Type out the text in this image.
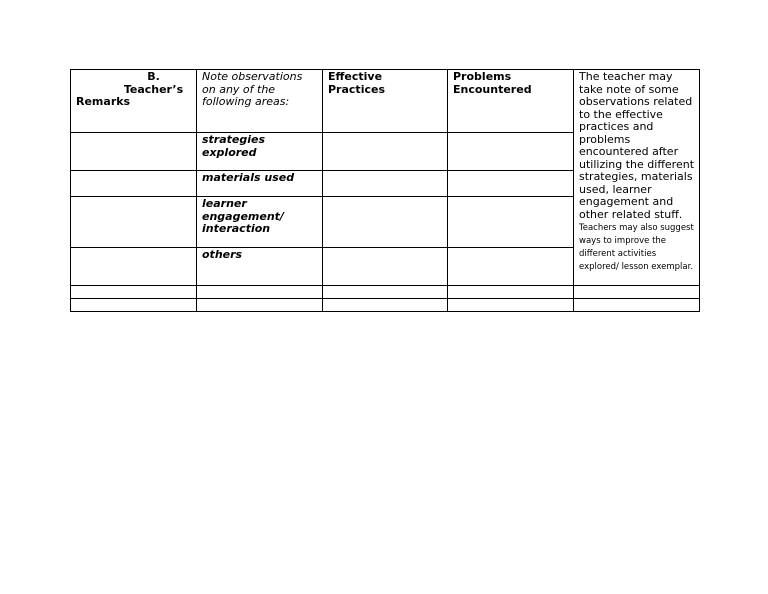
B. Teacher’s
Remarks	Note observations on any of the following areas:	Effective Practices	Problems Encountered	The teacher may take note of some observations related to the effective practices and problems encountered after utilizing the different strategies, materials used, learner engagement and other related stuff.
Teachers may also suggest ways to improve the different activities explored/ lesson exemplar.

	strategies explored			
	materials used			
	learner engagement/ interaction			
	others			
